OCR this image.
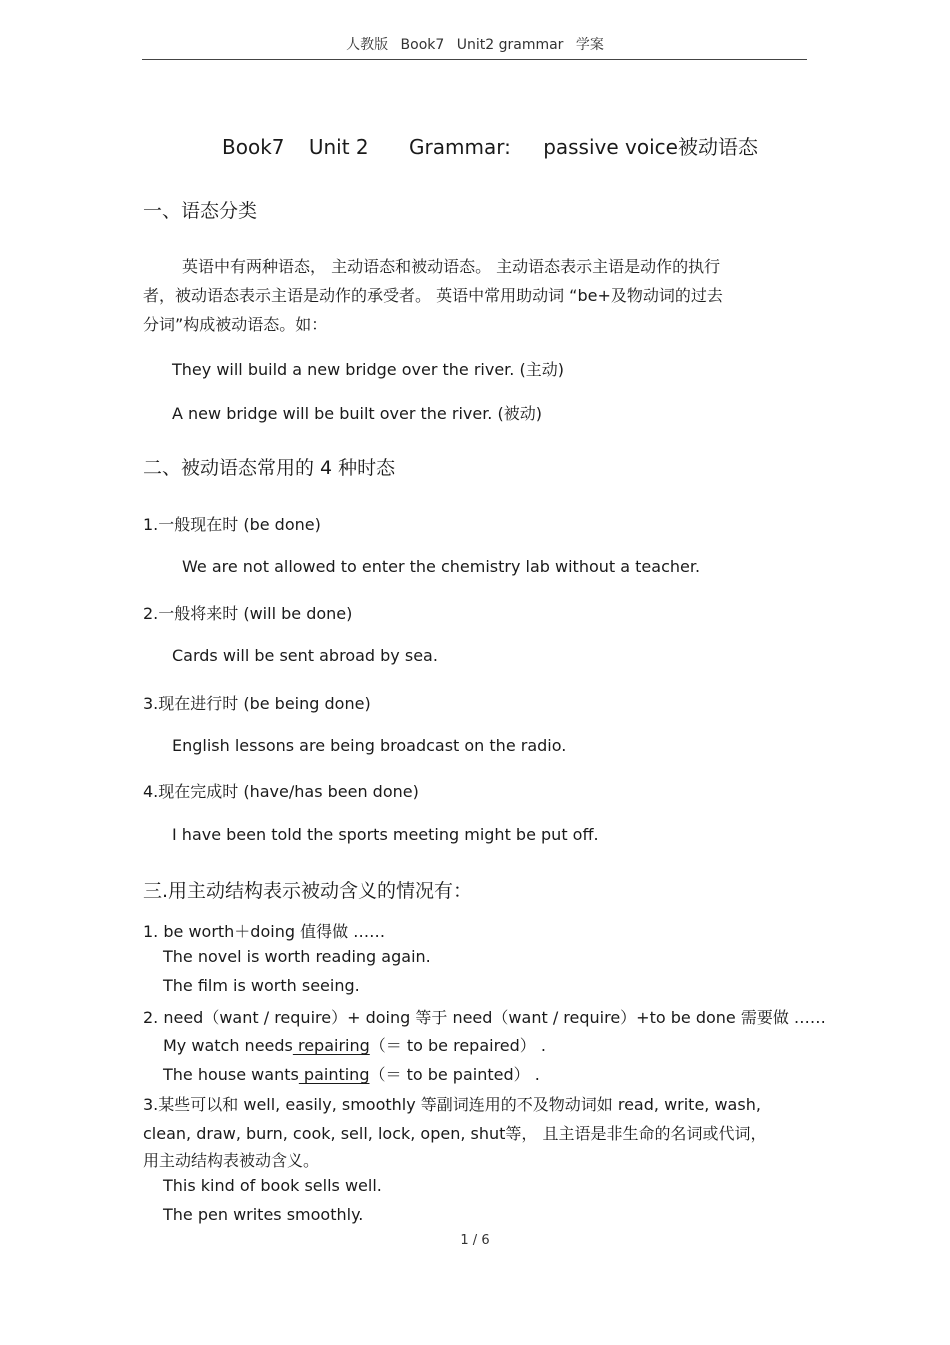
人教版 Book7 Unit2 grammar 学案
Book7 Unit 2 Grammar: passive voice被动语态
一、语态分类
英语中有两种语态， 主动语态和被动语态。 主动语态表示主语是动作的执行
者，被动语态表示主语是动作的承受者。 英语中常用助动词 “be+及物动词的过去
分词”构成被动语态。如：
They will build a new bridge over the river. (主动)
A new bridge will be built over the river. (被动)
二、被动语态常用的 4 种时态
1.一般现在时 (be done)
We are not allowed to enter the chemistry lab without a teacher.
2.一般将来时 (will be done)
Cards will be sent abroad by sea.
3.现在进行时 (be being done)
English lessons are being broadcast on the radio.
4.现在完成时 (have/has been done)
I have been told the sports meeting might be put off.
三.用主动结构表示被动含义的情况有：
1. be worth＋doing 值得做 ……
The novel is worth reading again.
The film is worth seeing.
2. need（want / require）+ doing 等于 need（want / require）+to be done 需要做 ……
My watch needs repairing（＝ to be repaired） .
The house wants painting（＝ to be painted） .
3.某些可以和 well, easily, smoothly 等副词连用的不及物动词如 read, write, wash,
clean, draw, burn, cook, sell, lock, open, shut等， 且主语是非生命的名词或代词，
用主动结构表被动含义。
This kind of book sells well.
The pen writes smoothly.
1 / 6
